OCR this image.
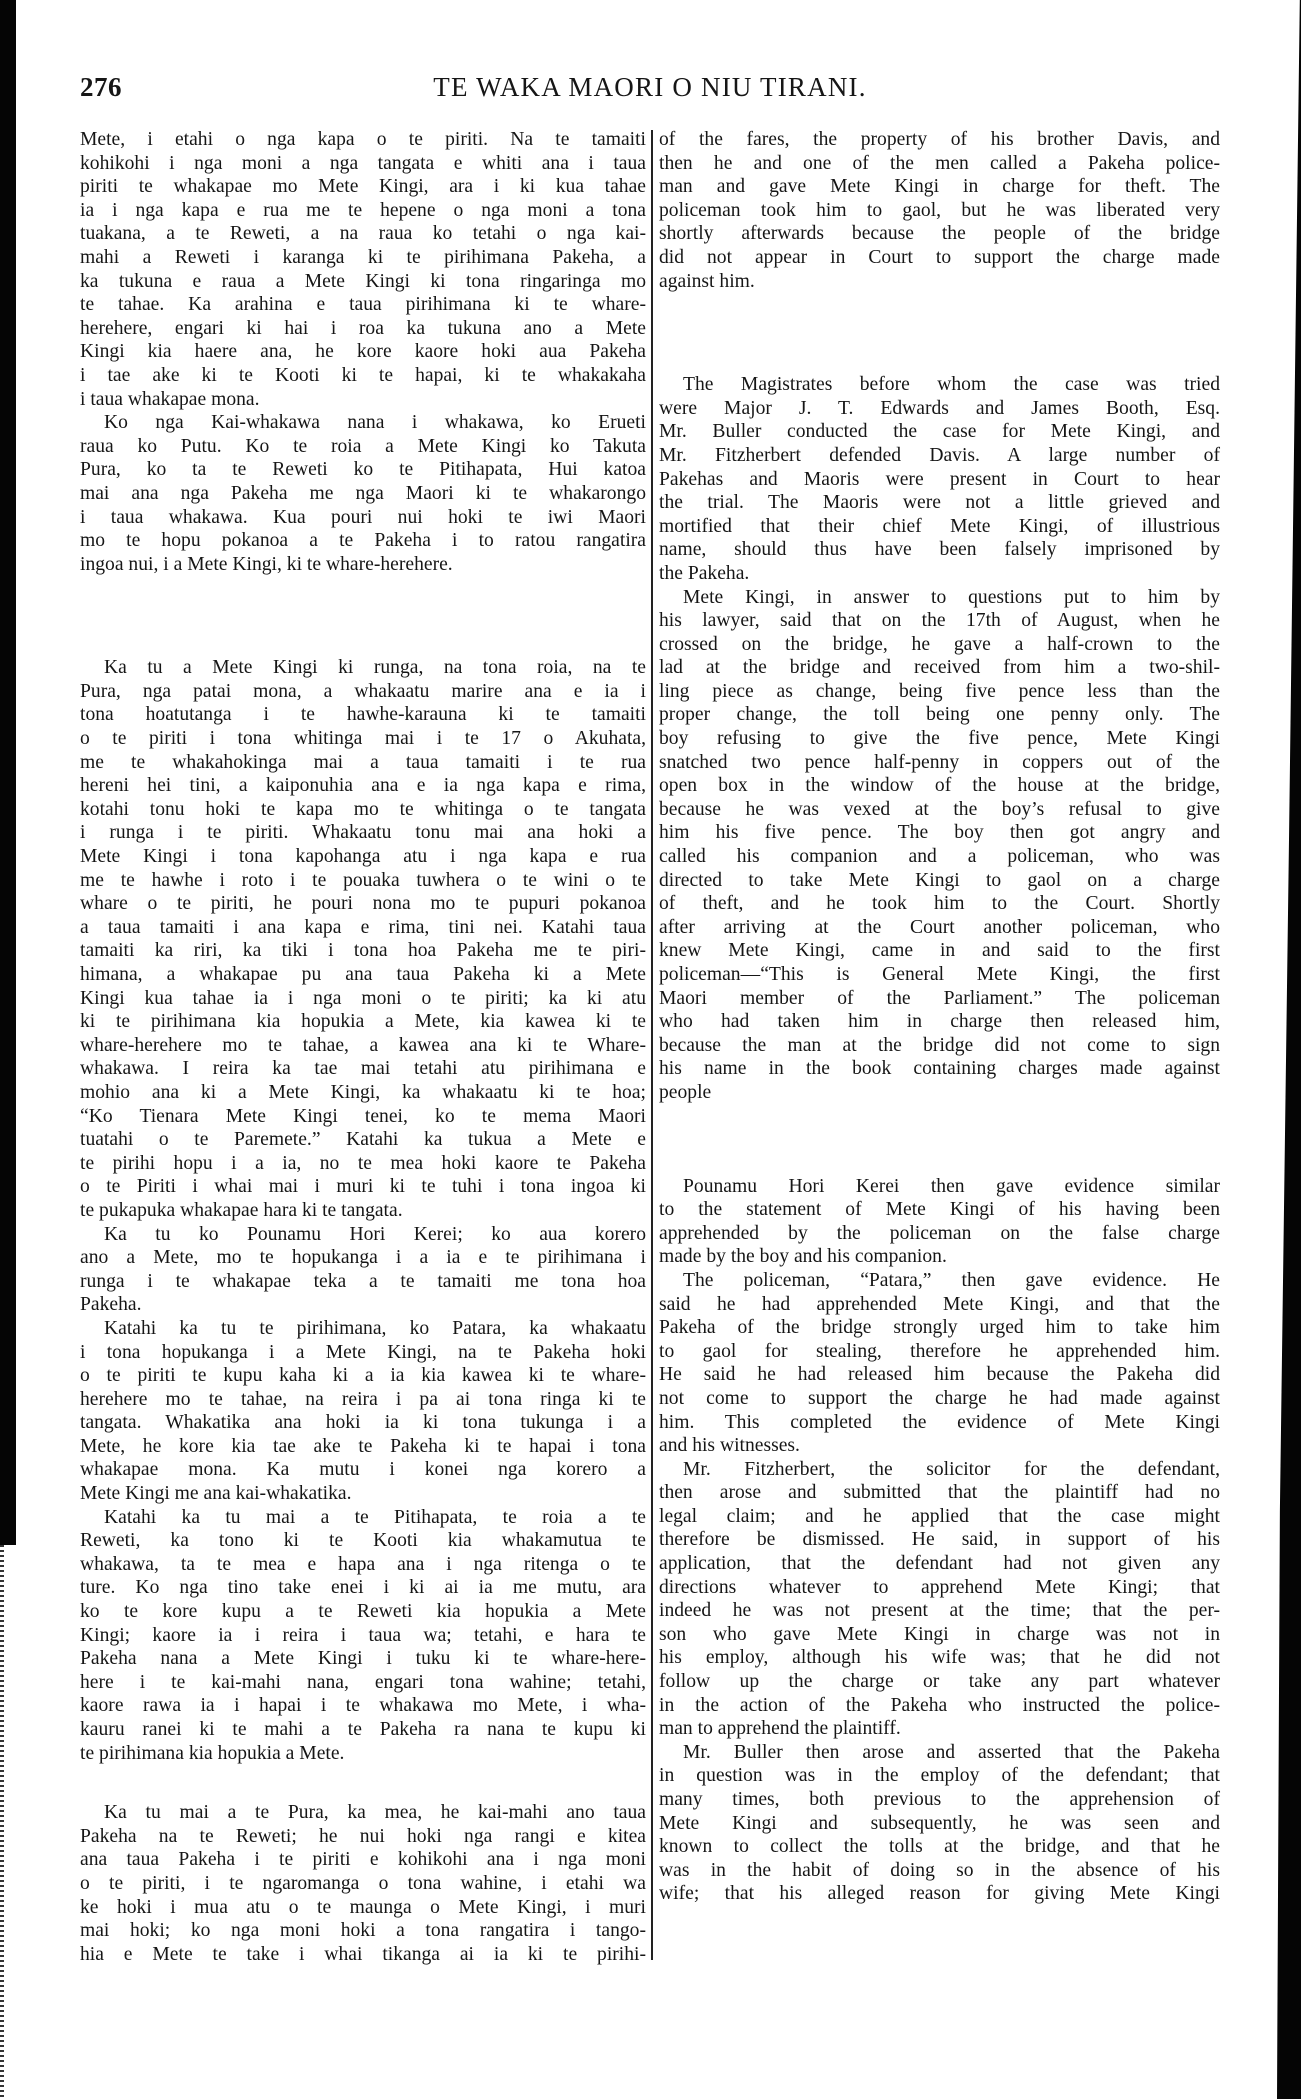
276	TE WAKA MAORI O NIU TIRANI.
Mete, i etahi o nga kapa o te piriti. Na te tamaiti
kohikohi i nga moni a nga tangata e whiti ana i taua
piriti te whakapae mo Mete Kingi, ara i ki kua tahae
ia i nga kapa e rua me te hepene o nga moni a tona
tuakana, a te Reweti, a na raua ko tetahi o nga kai-
mahi a Reweti i karanga ki te pirihimana Pakeha, a
ka tukuna e raua a Mete Kingi ki tona ringaringa mo
te tahae. Ka arahina e taua pirihimana ki te whare-
herehere, engari ki hai i roa ka tukuna ano a Mete
Kingi kia haere ana, he kore kaore hoki aua Pakeha
i tae ake ki te Kooti ki te hapai, ki te whakakaha
i taua whakapae mona.
Ko nga Kai-whakawa nana i whakawa, ko Erueti
raua ko Putu. Ko te roia a Mete Kingi ko Takuta
Pura, ko ta te Reweti ko te Pitihapata, Hui katoa
mai ana nga Pakeha me nga Maori ki te whakarongo
i taua whakawa. Kua pouri nui hoki te iwi Maori
mo te hopu pokanoa a te Pakeha i to ratou rangatira
ingoa nui, i a Mete Kingi, ki te whare-herehere.
Ka tu a Mete Kingi ki runga, na tona roia, na te
Pura, nga patai mona, a whakaatu marire ana e ia i
tona hoatutanga i te hawhe-karauna ki te tamaiti
o te piriti i tona whitinga mai i te 17 o Akuhata,
me te whakahokinga mai a taua tamaiti i te rua
hereni hei tini, a kaiponuhia ana e ia nga kapa e rima,
kotahi tonu hoki te kapa mo te whitinga o te tangata
i runga i te piriti. Whakaatu tonu mai ana hoki a
Mete Kingi i tona kapohanga atu i nga kapa e rua
me te hawhe i roto i te pouaka tuwhera o te wini o te
whare o te piriti, he pouri nona mo te pupuri pokanoa
a taua tamaiti i ana kapa e rima, tini nei. Katahi taua
tamaiti ka riri, ka tiki i tona hoa Pakeha me te piri-
himana, a whakapae pu ana taua Pakeha ki a Mete
Kingi kua tahae ia i nga moni o te piriti; ka ki atu
ki te pirihimana kia hopukia a Mete, kia kawea ki te
whare-herehere mo te tahae, a kawea ana ki te Whare-
whakawa. I reira ka tae mai tetahi atu pirihimana e
mohio ana ki a Mete Kingi, ka whakaatu ki te hoa;
“Ko Tienara Mete Kingi tenei, ko te mema Maori
tuatahi o te Paremete.” Katahi ka tukua a Mete e
te pirihi hopu i a ia, no te mea hoki kaore te Pakeha
o te Piriti i whai mai i muri ki te tuhi i tona ingoa ki
te pukapuka whakapae hara ki te tangata.
Ka tu ko Pounamu Hori Kerei; ko aua korero
ano a Mete, mo te hopukanga i a ia e te pirihimana i
runga i te whakapae teka a te tamaiti me tona hoa
Pakeha.
Katahi ka tu te pirihimana, ko Patara, ka whakaatu
i tona hopukanga i a Mete Kingi, na te Pakeha hoki
o te piriti te kupu kaha ki a ia kia kawea ki te whare-
herehere mo te tahae, na reira i pa ai tona ringa ki te
tangata. Whakatika ana hoki ia ki tona tukunga i a
Mete, he kore kia tae ake te Pakeha ki te hapai i tona
whakapae mona. Ka mutu i konei nga korero a
Mete Kingi me ana kai-whakatika.
Katahi ka tu mai a te Pitihapata, te roia a te
Reweti, ka tono ki te Kooti kia whakamutua te
whakawa, ta te mea e hapa ana i nga ritenga o te
ture. Ko nga tino take enei i ki ai ia me mutu, ara
ko te kore kupu a te Reweti kia hopukia a Mete
Kingi; kaore ia i reira i taua wa; tetahi, e hara te
Pakeha nana a Mete Kingi i tuku ki te whare-here-
here i te kai-mahi nana, engari tona wahine; tetahi,
kaore rawa ia i hapai i te whakawa mo Mete, i wha-
kauru ranei ki te mahi a te Pakeha ra nana te kupu ki
te pirihimana kia hopukia a Mete.
Ka tu mai a te Pura, ka mea, he kai-mahi ano taua
Pakeha na te Reweti; he nui hoki nga rangi e kitea
ana taua Pakeha i te piriti e kohikohi ana i nga moni
o te piriti, i te ngaromanga o tona wahine, i etahi wa
ke hoki i mua atu o te maunga o Mete Kingi, i muri
mai hoki; ko nga moni hoki a tona rangatira i tango-
hia e Mete te take i whai tikanga ai ia ki te pirihi-
of the fares, the property of his brother Davis, and
then he and one of the men called a Pakeha police-
man and gave Mete Kingi in charge for theft. The
policeman took him to gaol, but he was liberated very
shortly afterwards because the people of the bridge
did not appear in Court to support the charge made
against him.
The Magistrates before whom the case was tried
were Major J. T. Edwards and James Booth, Esq.
Mr. Buller conducted the case for Mete Kingi, and
Mr. Fitzherbert defended Davis. A large number of
Pakehas and Maoris were present in Court to hear
the trial. The Maoris were not a little grieved and
mortified that their chief Mete Kingi, of illustrious
name, should thus have been falsely imprisoned by
the Pakeha.
Mete Kingi, in answer to questions put to him by
his lawyer, said that on the 17th of August, when he
crossed on the bridge, he gave a half-crown to the
lad at the bridge and received from him a two-shil-
ling piece as change, being five pence less than the
proper change, the toll being one penny only. The
boy refusing to give the five pence, Mete Kingi
snatched two pence half-penny in coppers out of the
open box in the window of the house at the bridge,
because he was vexed at the boy’s refusal to give
him his five pence. The boy then got angry and
called his companion and a policeman, who was
directed to take Mete Kingi to gaol on a charge
of theft, and he took him to the Court. Shortly
after arriving at the Court another policeman, who
knew Mete Kingi, came in and said to the first
policeman—“This is General Mete Kingi, the first
Maori member of the Parliament.” The policeman
who had taken him in charge then released him,
because the man at the bridge did not come to sign
his name in the book containing charges made against
people
Pounamu Hori Kerei then gave evidence similar
to the statement of Mete Kingi of his having been
apprehended by the policeman on the false charge
made by the boy and his companion.
The policeman, “Patara,” then gave evidence. He
said he had apprehended Mete Kingi, and that the
Pakeha of the bridge strongly urged him to take him
to gaol for stealing, therefore he apprehended him.
He said he had released him because the Pakeha did
not come to support the charge he had made against
him. This completed the evidence of Mete Kingi
and his witnesses.
Mr. Fitzherbert, the solicitor for the defendant,
then arose and submitted that the plaintiff had no
legal claim; and he applied that the case might
therefore be dismissed. He said, in support of his
application, that the defendant had not given any
directions whatever to apprehend Mete Kingi; that
indeed he was not present at the time; that the per-
son who gave Mete Kingi in charge was not in
his employ, although his wife was; that he did not
follow up the charge or take any part whatever
in the action of the Pakeha who instructed the police-
man to apprehend the plaintiff.
Mr. Buller then arose and asserted that the Pakeha
in question was in the employ of the defendant; that
many times, both previous to the apprehension of
Mete Kingi and subsequently, he was seen and
known to collect the tolls at the bridge, and that he
was in the habit of doing so in the absence of his
wife; that his alleged reason for giving Mete Kingi
